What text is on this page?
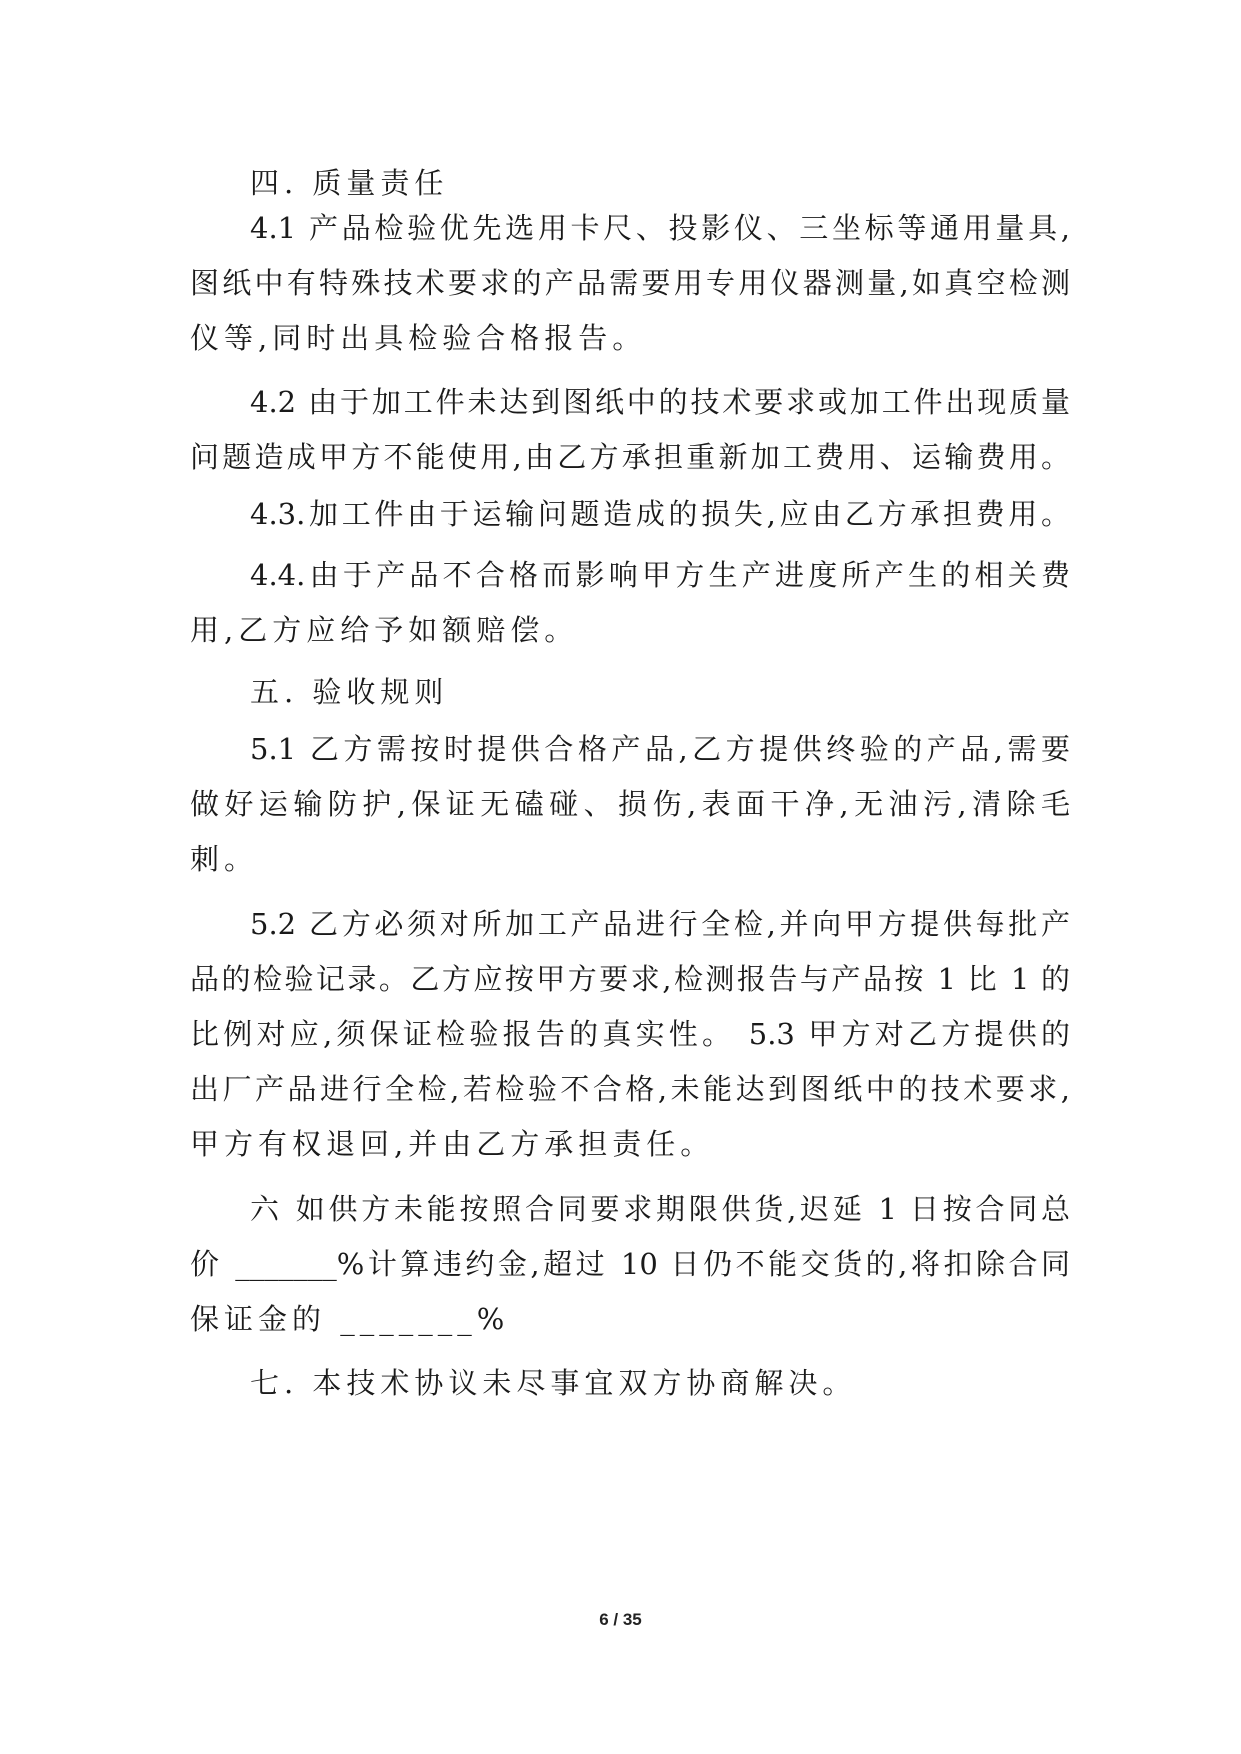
四. 质量责任
4.1 产品检验优先选用卡尺、投影仪、三坐标等通用量具,
图纸中有特殊技术要求的产品需要用专用仪器测量,如真空检测
仪等,同时出具检验合格报告。
4.2 由于加工件未达到图纸中的技术要求或加工件出现质量
问题造成甲方不能使用,由乙方承担重新加工费用、运输费用。
4.3.加工件由于运输问题造成的损失,应由乙方承担费用。
4.4.由于产品不合格而影响甲方生产进度所产生的相关费
用,乙方应给予如额赔偿。
五. 验收规则
5.1 乙方需按时提供合格产品,乙方提供终验的产品,需要
做好运输防护,保证无磕碰、损伤,表面干净,无油污,清除毛
刺。
5.2 乙方必须对所加工产品进行全检,并向甲方提供每批产
品的检验记录。乙方应按甲方要求,检测报告与产品按 1 比 1 的
比例对应,须保证检验报告的真实性。 5.3 甲方对乙方提供的
出厂产品进行全检,若检验不合格,未能达到图纸中的技术要求,
甲方有权退回,并由乙方承担责任。
六 如供方未能按照合同要求期限供货,迟延 1 日按合同总
价 _______%计算违约金,超过 10 日仍不能交货的,将扣除合同
保证金的 _______%
七. 本技术协议未尽事宜双方协商解决。
6 / 35
